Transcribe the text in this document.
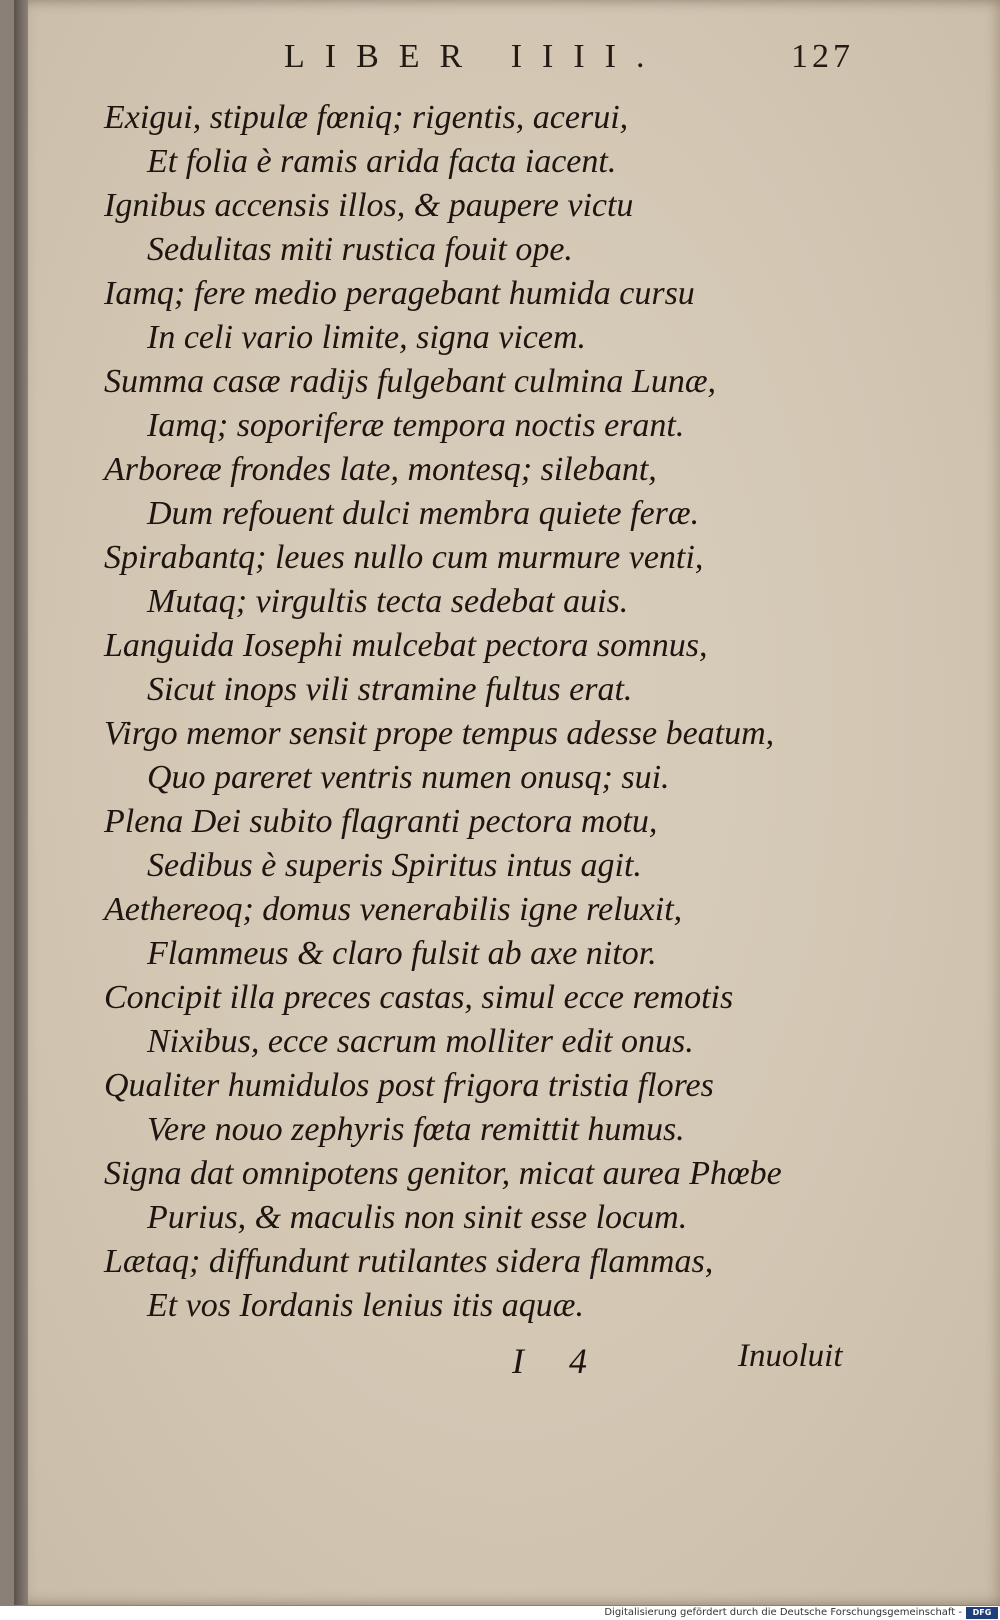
LIBER IIII.	127
Exigui, stipulæ fœniq; rigentis, acerui,
Et folia è ramis arida facta iacent.
Ignibus accensis illos, & paupere victu
Sedulitas miti rustica fouit ope.
Iamq; fere medio peragebant humida cursu
In celi vario limite, signa vicem.
Summa casæ radijs fulgebant culmina Lunæ,
Iamq; soporiferæ tempora noctis erant.
Arboreæ frondes late, montesq; silebant,
Dum refouent dulci membra quiete feræ.
Spirabantq; leues nullo cum murmure venti,
Mutaq; virgultis tecta sedebat auis.
Languida Iosephi mulcebat pectora somnus,
Sicut inops vili stramine fultus erat.
Virgo memor sensit prope tempus adesse beatum,
Quo pareret ventris numen onusq; sui.
Plena Dei subito flagranti pectora motu,
Sedibus è superis Spiritus intus agit.
Aethereoq; domus venerabilis igne reluxit,
Flammeus & claro fulsit ab axe nitor.
Concipit illa preces castas, simul ecce remotis
Nixibus, ecce sacrum molliter edit onus.
Qualiter humidulos post frigora tristia flores
Vere nouo zephyris fœta remittit humus.
Signa dat omnipotens genitor, micat aurea Phœbe
Purius, & maculis non sinit esse locum.
Lætaq; diffundunt rutilantes sidera flammas,
Et vos Iordanis lenius itis aquæ.
I 4	Inuoluit
Digitalisierung gefördert durch die Deutsche Forschungsgemeinschaft -	DFG
